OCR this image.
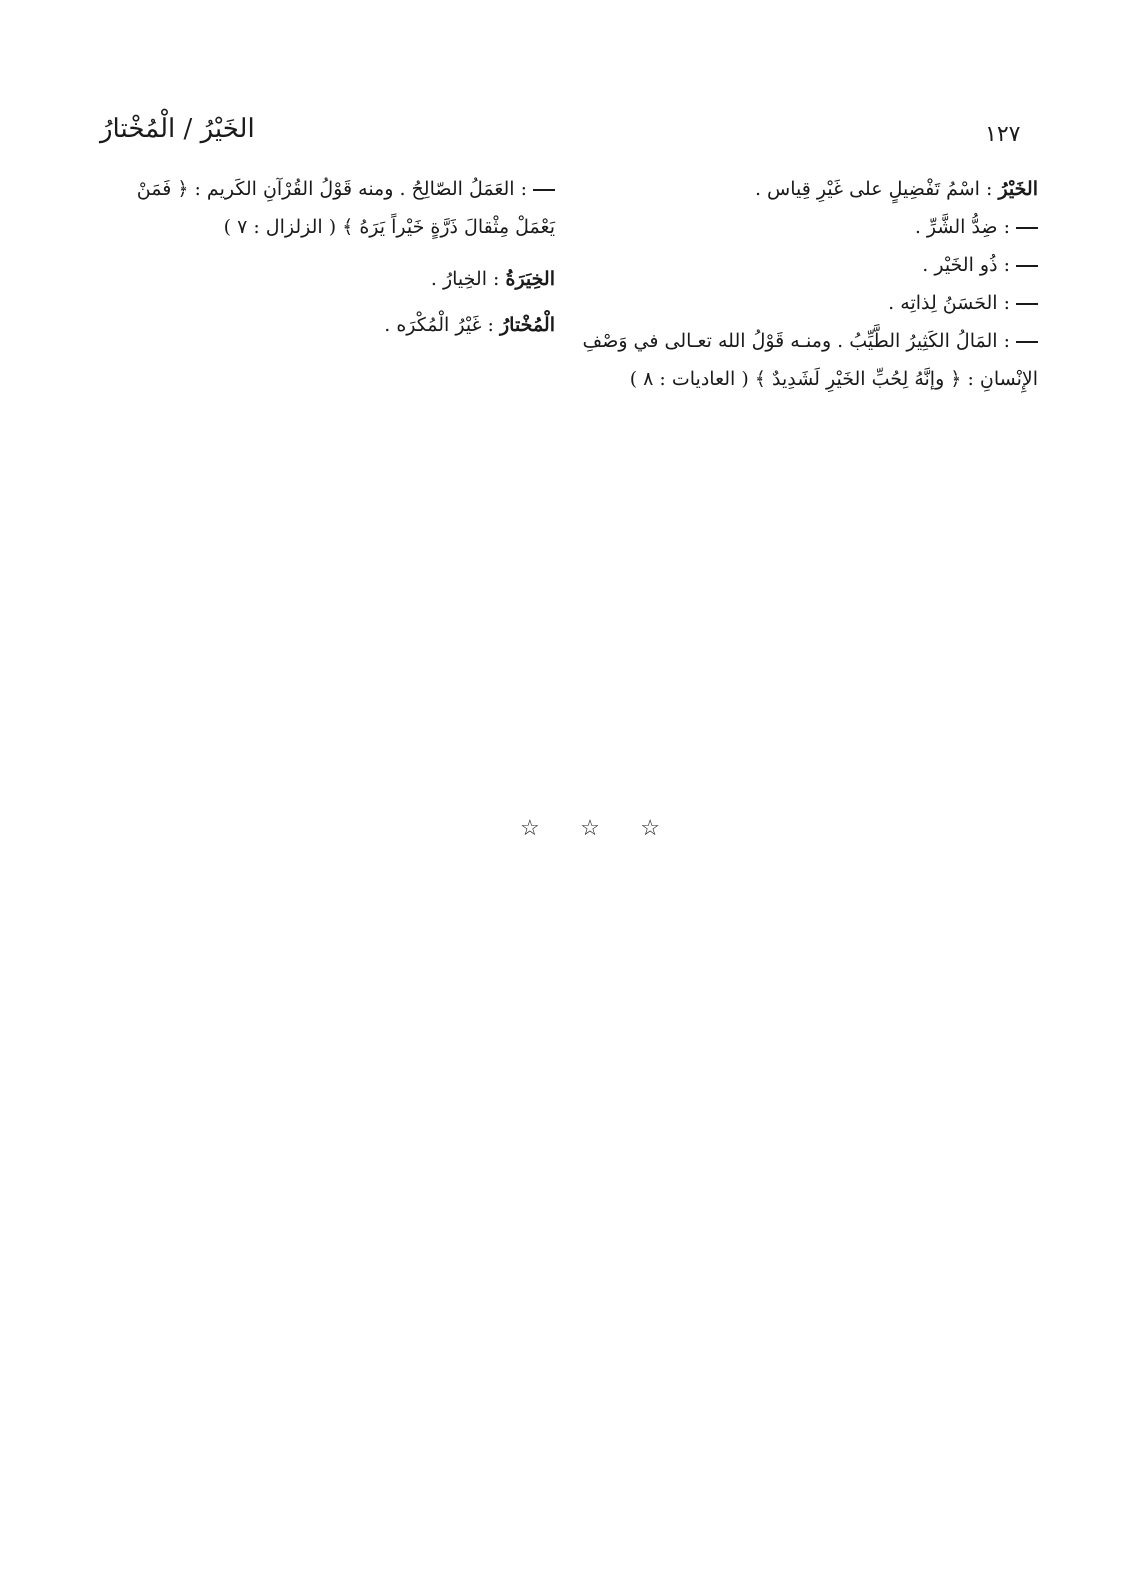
١٢٧
الخَيْرُ / الْمُخْتارُ
الخَيْرُ : اسْمُ تَفْضِيلٍ على غَيْرِ قِياس .
: ضِدُّ الشَّرِّ .
: ذُو الخَيْر .
: الحَسَنُ لِذاتِه .
: المَالُ الكَثِيرُ الطَّيِّبُ . ومنـه قَوْلُ الله تعـالى في وَصْفِ
الإِنْسانِ : ﴿ وإنَّهُ لِحُبِّ الخَيْرِ لَشَدِيدٌ ﴾ ( العاديات : ٨ )
: العَمَلُ الصّالِحُ . ومنه قَوْلُ القُرْآنِ الكَريم : ﴿ فَمَنْ
يَعْمَلْ مِثْقالَ ذَرَّةٍ خَيْراً يَرَهُ ﴾ ( الزلزال : ٧ )
الخِيَرَةُ : الخِيارُ .
الْمُخْتارُ : غَيْرُ الْمُكْرَه .
☆ ☆ ☆
